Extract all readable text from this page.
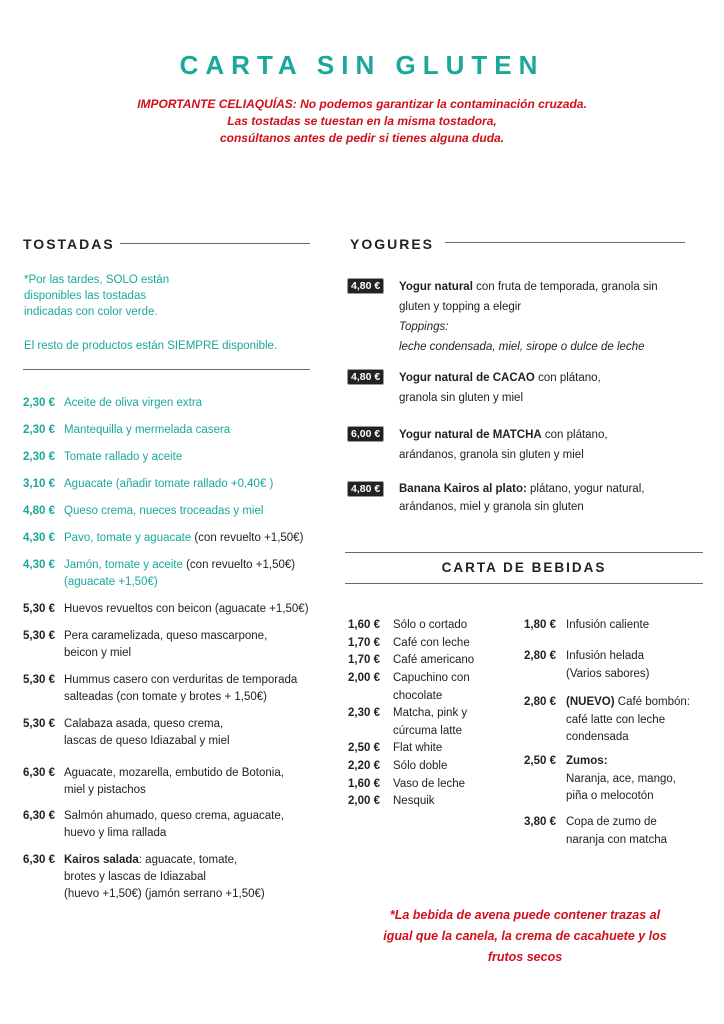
CARTA SIN GLUTEN
IMPORTANTE CELIAQUÍAS: No podemos garantizar la contaminación cruzada.
Las tostadas se tuestan en la misma tostadora,
consúltanos antes de pedir si tienes alguna duda.
TOSTADAS
*Por las tardes, SOLO están
disponibles las tostadas
indicadas con color verde.
El resto de productos están SIEMPRE disponible.
2,30 € Aceite de oliva virgen extra
2,30 € Mantequilla y mermelada casera
2,30 € Tomate rallado y aceite
3,10 € Aguacate (añadir tomate rallado +0,40€ )
4,80 € Queso crema, nueces troceadas y miel
4,30 € Pavo, tomate y aguacate (con revuelto +1,50€)
4,30 € Jamón, tomate y aceite (con revuelto +1,50€)
(aguacate +1,50€)
5,30 € Huevos revueltos con beicon (aguacate +1,50€)
5,30 € Pera caramelizada, queso mascarpone,
beicon y miel
5,30 € Hummus casero con verduritas de temporada
salteadas (con tomate y brotes + 1,50€)
5,30 € Calabaza asada, queso crema,
lascas de queso Idiazabal y miel
6,30 € Aguacate, mozarella, embutido de Botonia,
miel y pistachos
6,30 € Salmón ahumado, queso crema, aguacate,
huevo y lima rallada
6,30 € Kairos salada: aguacate, tomate,
brotes y lascas de Idiazabal
(huevo +1,50€) (jamón serrano +1,50€)
YOGURES
4,80 €	Yogur natural con fruta de temporada, granola sin
gluten y topping a elegir
Toppings:
leche condensada, miel, sirope o dulce de leche
4,80 €	Yogur natural de CACAO con plátano,
granola sin gluten y miel
6,00 €	Yogur natural de MATCHA con plátano,
arándanos, granola sin gluten y miel
4,80 €	Banana Kairos al plato: plátano, yogur natural,
arándanos, miel y granola sin gluten
CARTA DE BEBIDAS
1,60 € Sólo o cortado
1,70 € Café con leche
1,70 € Café americano
2,00 € Capuchino con
chocolate
2,30 € Matcha, pink y
cúrcuma latte
2,50 € Flat white
2,20 € Sólo doble
1,60 € Vaso de leche
2,00 € Nesquik
1,80 € Infusión caliente
2,80 € Infusión helada
(Varios sabores)
2,80 € (NUEVO) Café bombón:
café latte con leche
condensada
2,50 € Zumos:
Naranja, ace, mango,
piña o melocotón
3,80 € Copa de zumo de
naranja con matcha
*La bebida de avena puede contener trazas al
igual que la canela, la crema de cacahuete y los
frutos secos
